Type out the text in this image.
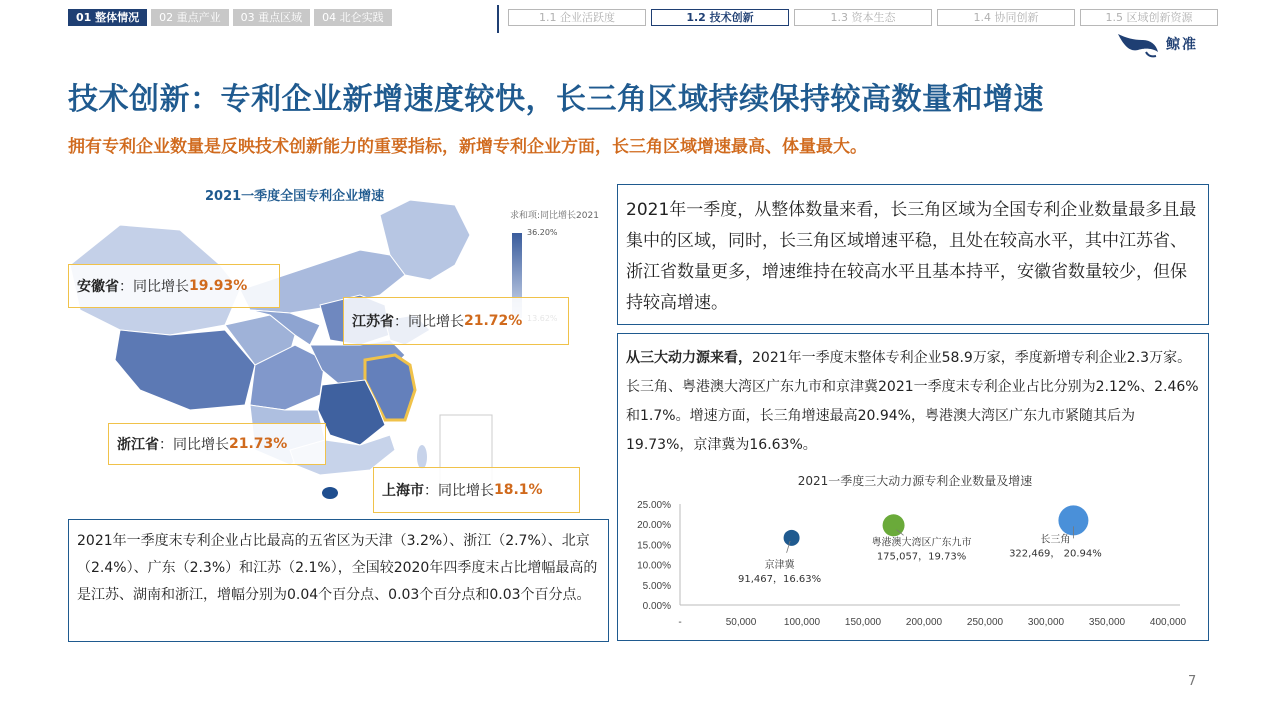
01 整体情况	02 重点产业	03 重点区域	04 北仑实践	1.1 企业活跃度	1.2 技术创新	1.3 资本生态	1.4 协同创新	1.5 区域创新资源
鲸准
技术创新：专利企业新增速度较快，长三角区域持续保持较高数量和增速
拥有专利企业数量是反映技术创新能力的重要指标，新增专利企业方面，长三角区域增速最高、体量最大。
2021一季度全国专利企业增速
求和项:同比增长2021
36.20%
安徽省 ：同比增长 19.93%
江苏省 ：同比增长 21.72%
浙江省 ：同比增长 21.73%
上海市 ：同比增长 18.1%
2021年一季度，从整体数量来看，长三角区域为全国专利企业数量最多且最集中的区域，同时，长三角区域增速平稳，且处在较高水平，其中江苏省、浙江省数量更多，增速维持在较高水平且基本持平，安徽省数量较少，但保持较高增速。
从三大动力源来看，2021年一季度末整体专利企业58.9万家，季度新增专利企业2.3万家。长三角、粤港澳大湾区广东九市和京津冀2021一季度末专利企业占比分别为2.12%、2.46%和1.7%。增速方面，长三角增速最高20.94%，粤港澳大湾区广东九市紧随其后为19.73%，京津冀为16.63%。
2021一季度三大动力源专利企业数量及增速
0.00%
5.00%
10.00%
15.00%
20.00%
25.00%
-	50,000	100,000 150,000 200,000 250,000 300,000 350,000 400,000
京津冀
91,467，16.63%
粤港澳大湾区广东九市
175,057，19.73%
长三角
322,469， 20.94%
2021年一季度末专利企业占比最高的五省区为天津（3.2%）、浙江（2.7%）、北京（2.4%）、广东（2.3%）和江苏（2.1%），全国较2020年四季度末占比增幅最高的是江苏、湖南和浙江，增幅分别为0.04个百分点、0.03个百分点和0.03个百分点。
7
